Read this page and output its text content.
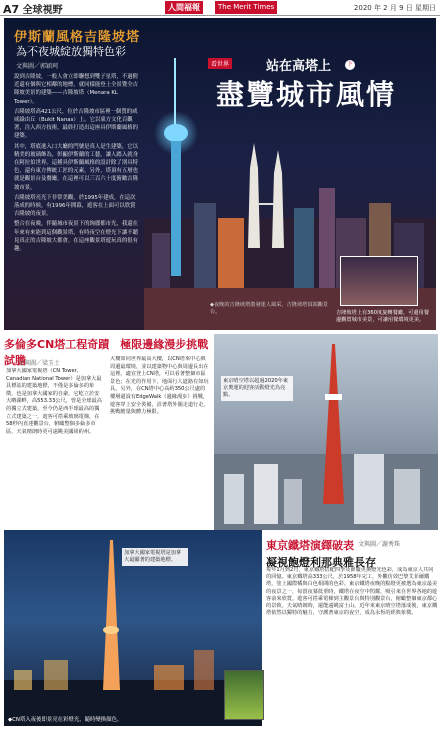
A7 全球視野	人間福報	The Merit Times	2020 年 2 月 9 日 星期日
伊斯蘭風格吉隆坡塔
為不夜城綻放獨特色彩
文與圖／郭穎珂

說到吉隆坡，一般人會立即聯想到雙子星塔，不過附近還有個與它相鄰的地標，就同樣能登上全景覽全吉隆坡美景的建築——吉隆坡塔（Menara KL Tower）。

吉隆坡塔高421公尺，位於吉隆坡市區裡一個質的咸咸綠由丘（Bukit Nanas）上。它以東方文化百觀著，注入西方技術，最終打造出這座具伊斯蘭風格的建築。

其中，塔底進入口大廳的門號是真人是生建築，它以精美的玻璃飾為，彰顯伊斯蘭的工藝，讓人踏入就身在阿拉伯世界。這種具伊斯蘭風格的設計除了別具特色，還有東方傳統工匠的元素，另外，塔頂有五層也就是觀景台及餐廳，在這裡可以三百六十度俯瞰吉隆坡市景。

吉隆坡塔亮光下非常美觀，於1995年建成，在這次落成的時候，有1996年開幕，遊客在上面可以欣賞吉隆坡的夜景。

整合在夜晚，伴隨城市夜景下的絢麗都市光，我還在年來有來能到這個觀景塔，有時夜空在燈光下讓不聽見真正的吉隆坡大都會。在這座觀景塔遊玩真的很有趣。

看世界	站在高塔上	下
盡覽城市風情
吉隆坡塔上有360度旋轉餐廳，可邊用餐邊觀賞城市美景，可讓用餐環境更美。
◆夜晚的吉隆坡塔散發迷人風采，吉隆坡塔頂端觀景台。
多倫多CN塔工程奇蹟　 極限邊緣漫步挑戰試膽
文與圖／梁玉士
加拿大國家電視塔（CN Tower, Canadian National Tower）是加拿大最具標誌的建築地標，不僅是多倫多的象徵，也是加拿大國家的自豪。它屹立於安大略湖畔，高553.33公尺，曾是全球最高的獨立式建築，至今仍是西半球最高的獨立式建築之一。遊客可搭乘玻璃電梯，在58秒內直達觀景台，俯瞰整個多倫多市區，天氣晴朗時更可遠眺美國紐約州。
大樓如同世界最高大樓，以CN塔來中心與周邊最環境，並以建築物中心與周邊長出在這裡。適宜登上CN塔，可以看著整個市區景色；在光的作用下，地面行人道路有如玩具。另外，在CN塔中心高約350公尺處的樓層還設有EdgeWalk（邊緣漫步）挑戰，遊客穿上安全裝備，沿著塔外圍走道行走，挑戰膽量與體力極限。
東京晴空塔以超過2020年東京奧運的迎客活動燈光為亮點。
加拿大國家電視塔是加拿大最顯著的建築地標。
◆CN塔入夜後即景亮在彩燈光，隨時變換顏色。
東京鐵塔演繹破表
凝視飽燈利那典雅長存
文與圖／謝秀珠
每年1月到2月，東京鐵塔搭配四季及節慶更換燈光色彩，成為東京人共同的回憶。東京鐵塔高333公尺，於1958年完工，外觀仿效巴黎艾菲爾鐵塔，塗上國際橘與白色相間的色彩。東京鐵塔夜晚的點燈更被選為東京最美的夜景之一，每當夜幕低垂時，鐵塔在夜空中閃耀，吸引來自世界各地的遊客前來欣賞。遊客可搭乘電梯到主觀景台與特別觀景台，俯瞰整個東京都心的景致。天氣晴朗時，還能遠眺富士山。近年來東京晴空塔落成後，東京鐵塔依然以獨特的魅力，守護著東京的夜空，成為永恆的經典象徵。
